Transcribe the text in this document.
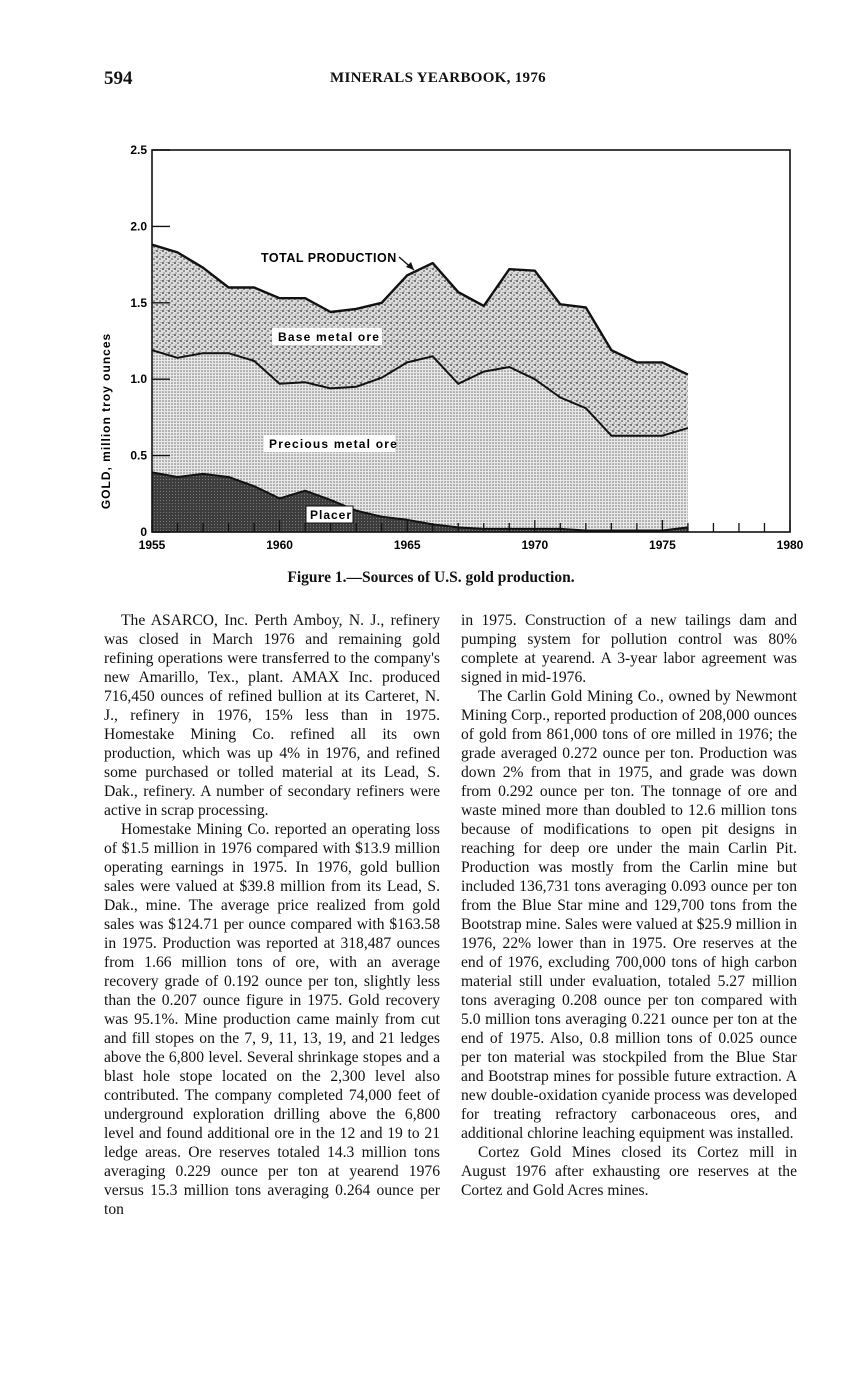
594	MINERALS YEARBOOK, 1976
1955	1960	1965	1970	1975	1980
0
0.5
1.0
1.5
2.0
2.5
GOLD, million troy ounces
TOTAL PRODUCTION
Base metal ore
Precious metal ore
Placer
Figure 1.—Sources of U.S. gold production.

The ASARCO, Inc. Perth Amboy, N. J., refinery was closed in March 1976 and remaining gold refining operations were transferred to the company's new Amarillo, Tex., plant. AMAX Inc. produced 716,450 ounces of refined bullion at its Carteret, N. J., refinery in 1976, 15% less than in 1975. Homestake Mining Co. refined all its own production, which was up 4% in 1976, and refined some purchased or tolled material at its Lead, S. Dak., refinery. A number of secondary refiners were active in scrap processing.

Homestake Mining Co. reported an operating loss of $1.5 million in 1976 compared with $13.9 million operating earnings in 1975. In 1976, gold bullion sales were valued at $39.8 million from its Lead, S. Dak., mine. The average price realized from gold sales was $124.71 per ounce compared with $163.58 in 1975. Production was reported at 318,487 ounces from 1.66 million tons of ore, with an average recovery grade of 0.192 ounce per ton, slightly less than the 0.207 ounce figure in 1975. Gold recovery was 95.1%. Mine production came mainly from cut and fill stopes on the 7, 9, 11, 13, 19, and 21 ledges above the 6,800 level. Several shrinkage stopes and a blast hole stope located on the 2,300 level also contributed. The company completed 74,000 feet of underground exploration drilling above the 6,800 level and found additional ore in the 12 and 19 to 21 ledge areas. Ore reserves totaled 14.3 million tons averaging 0.229 ounce per ton at yearend 1976 versus 15.3 million tons averaging 0.264 ounce per ton

in 1975. Construction of a new tailings dam and pumping system for pollution control was 80% complete at yearend. A 3-year labor agreement was signed in mid-1976.

The Carlin Gold Mining Co., owned by Newmont Mining Corp., reported production of 208,000 ounces of gold from 861,000 tons of ore milled in 1976; the grade averaged 0.272 ounce per ton. Production was down 2% from that in 1975, and grade was down from 0.292 ounce per ton. The tonnage of ore and waste mined more than doubled to 12.6 million tons because of modifications to open pit designs in reaching for deep ore under the main Carlin Pit. Production was mostly from the Carlin mine but included 136,731 tons averaging 0.093 ounce per ton from the Blue Star mine and 129,700 tons from the Bootstrap mine. Sales were valued at $25.9 million in 1976, 22% lower than in 1975. Ore reserves at the end of 1976, excluding 700,000 tons of high carbon material still under evaluation, totaled 5.27 million tons averaging 0.208 ounce per ton compared with 5.0 million tons averaging 0.221 ounce per ton at the end of 1975. Also, 0.8 million tons of 0.025 ounce per ton material was stockpiled from the Blue Star and Bootstrap mines for possible future extraction. A new double-oxidation cyanide process was developed for treating refractory carbonaceous ores, and additional chlorine leaching equipment was installed.

Cortez Gold Mines closed its Cortez mill in August 1976 after exhausting ore reserves at the Cortez and Gold Acres mines.
